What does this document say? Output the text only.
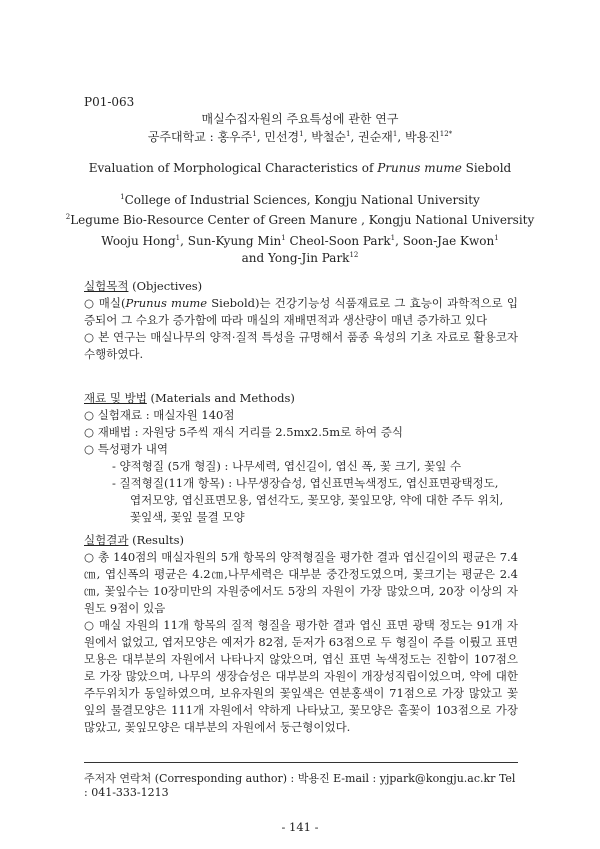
P01-063
매실수집자원의 주요특성에 관한 연구
공주대학교 : 홍우주$^1$, 민선경$^1$, 박철순$^1$, 권순재$^1$, 박용진$^{12*}$
Evaluation of Morphological Characteristics of Prunus mume Siebold
$^1$College of Industrial Sciences, Kongju National University
$^2$Legume Bio-Resource Center of Green Manure , Kongju National University
Wooju Hong$^1$, Sun-Kyung Min$^1$ Cheol-Soon Park$^1$, Soon-Jae Kwon$^1$
and Yong-Jin Park$^{12}$
실험목적 (Objectives)
○ 매실(Prunus mume Siebold)는 건강기능성 식품재료로 그 효능이 과학적으로 입증되어 그 수요가 증가함에 따라 매실의 재배면적과 생산량이 매년 증가하고 있다
○ 본 연구는 매실나무의 양적·질적 특성을 규명해서 품종 육성의 기초 자료로 활용코자 수행하였다.
재료 및 방법 (Materials and Methods)
○ 실험재료 : 매실자원 140점
○ 재배법 : 자원당 5주씩 재식 거리를 2.5mx2.5m로 하여 증식
○ 특성평가 내역
- 양적형질 (5개 형질) : 나무세력, 엽신길이, 엽신 폭, 꽃 크기, 꽃잎 수
- 질적형질(11개 항목) : 나무생장습성, 엽신표면녹색정도, 엽신표면광택정도,
엽저모양, 엽신표면모용, 엽선각도, 꽃모양, 꽃잎모양, 약에 대한 주두 위치,
꽃잎색, 꽃잎 물결 모양
실험결과 (Results)
○ 총 140점의 매실자원의 5개 항목의 양적형질을 평가한 결과 엽신길이의 평균은 7.4㎝, 엽신폭의 평균은 4.2㎝,나무세력은 대부분 중간정도였으며, 꽃크기는 평균은 2.4㎝, 꽃잎수는 10장미만의 자원중에서도 5장의 자원이 가장 많았으며, 20장 이상의 자원도 9점이 있음
○ 매실 자원의 11개 항목의 질적 형질을 평가한 결과 엽신 표면 광택 정도는 91개 자원에서 없었고, 엽저모양은 예저가 82점, 둔저가 63점으로 두 형질이 주를 이뤘고 표면모용은 대부분의 자원에서 나타나지 않았으며, 엽신 표면 녹색정도는 진함이 107점으로 가장 많았으며, 나무의 생장습성은 대부분의 자원이 개장성직립이었으며, 약에 대한 주두위치가 동일하였으며, 보유자원의 꽃잎색은 연분홍색이 71점으로 가장 많았고 꽃잎의 물결모양은 111개 자원에서 약하게 나타났고, 꽃모양은 홑꽃이 103점으로 가장 많았고, 꽃잎모양은 대부분의 자원에서 둥근형이었다.
주저자 연락처 (Corresponding author) : 박용진 E-mail : yjpark@kongju.ac.kr Tel : 041-333-1213
- 141 -
